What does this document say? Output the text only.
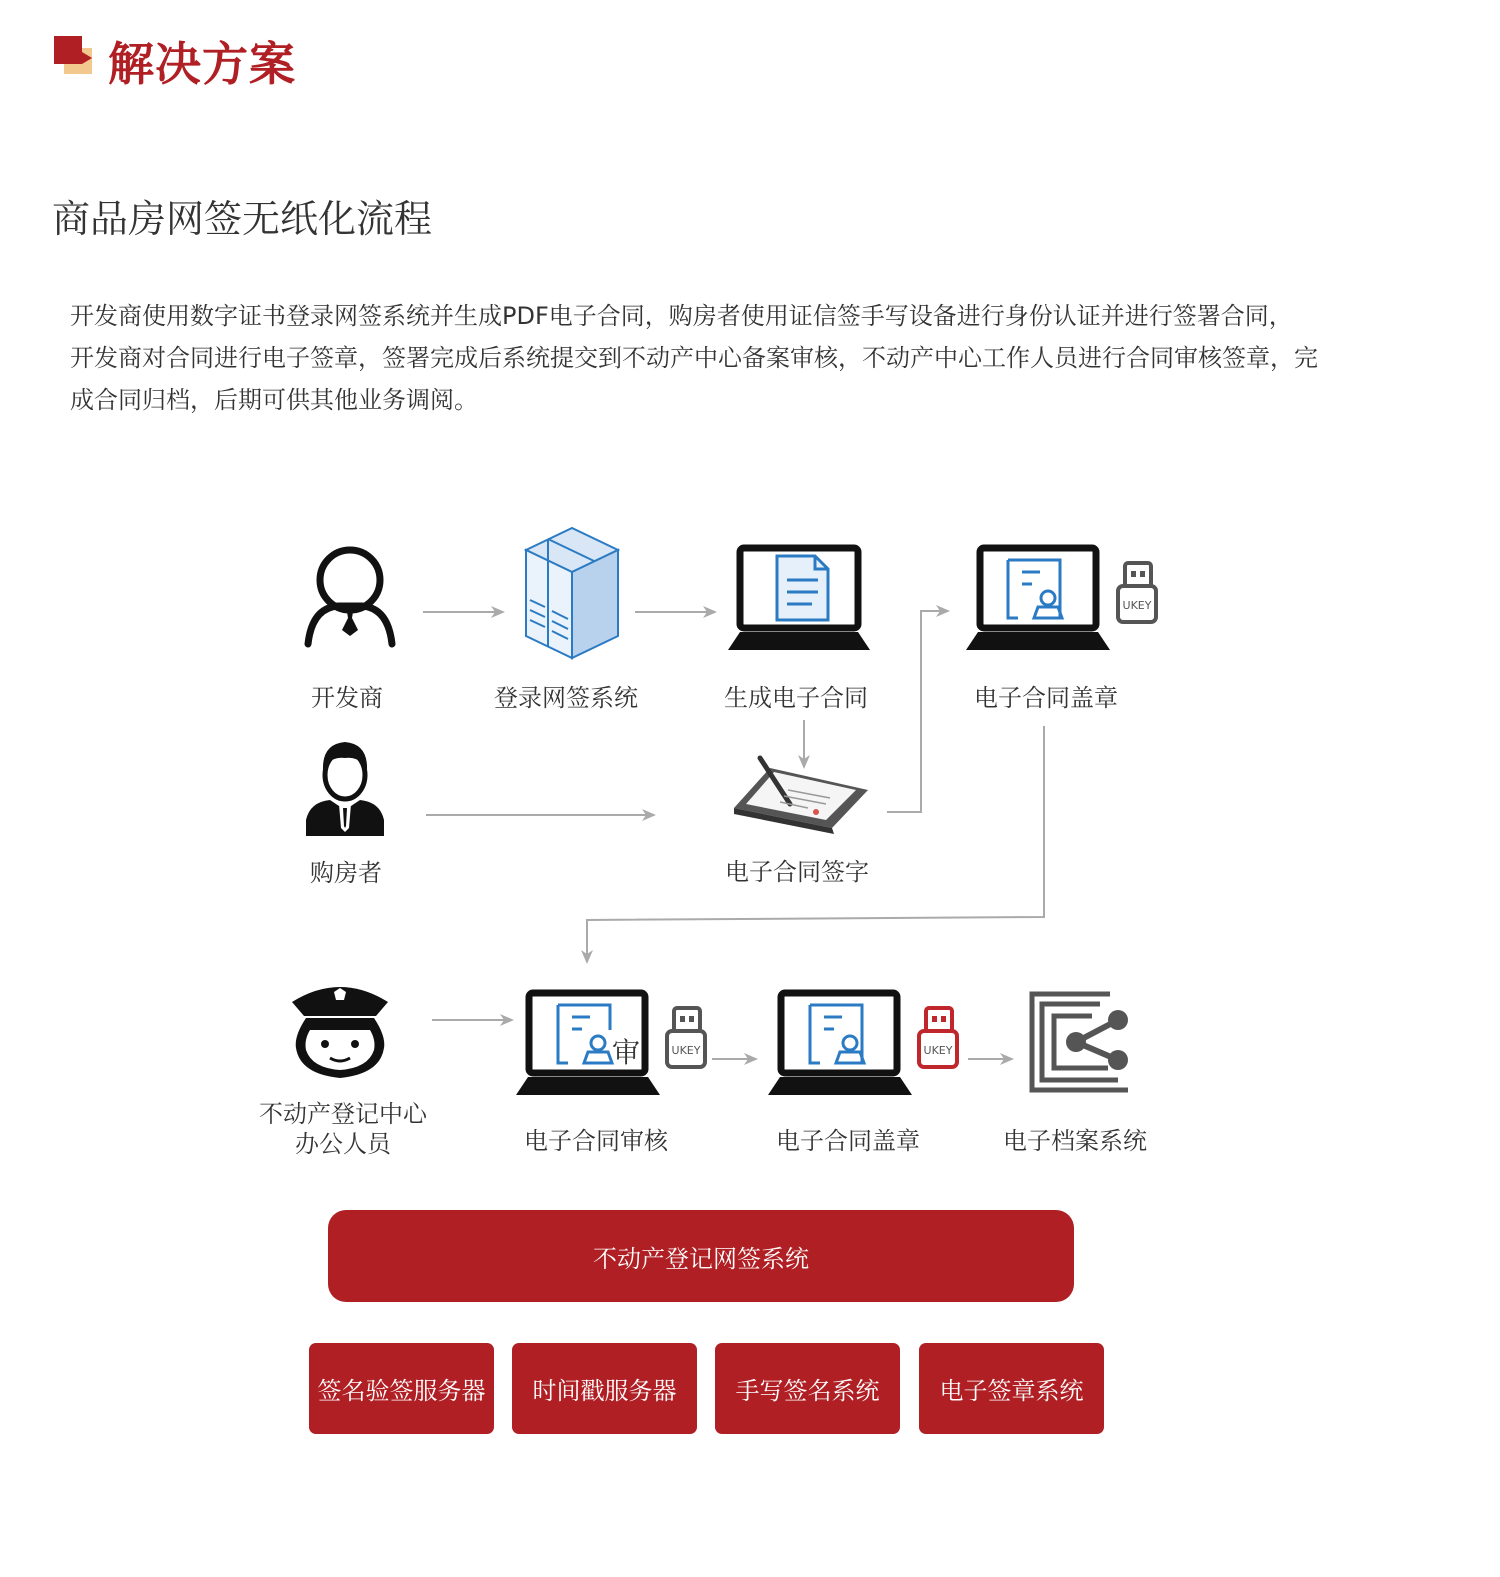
解决方案
商品房网签无纸化流程
开发商使用数字证书登录网签系统并生成PDF电子合同，购房者使用证信签手写设备进行身份认证并进行签署合同，
开发商对合同进行电子签章，签署完成后系统提交到不动产中心备案审核，不动产中心工作人员进行合同审核签章，完
成合同归档，后期可供其他业务调阅。
UKEY
审	UKEY	UKEY
开发商	登录网签系统	生成电子合同	电子合同盖章
购房者	电子合同签字
不动产登记中心
办公人员	电子合同审核	电子合同盖章	电子档案系统
不动产登记网签系统
签名验签服务器	时间戳服务器	手写签名系统	电子签章系统
